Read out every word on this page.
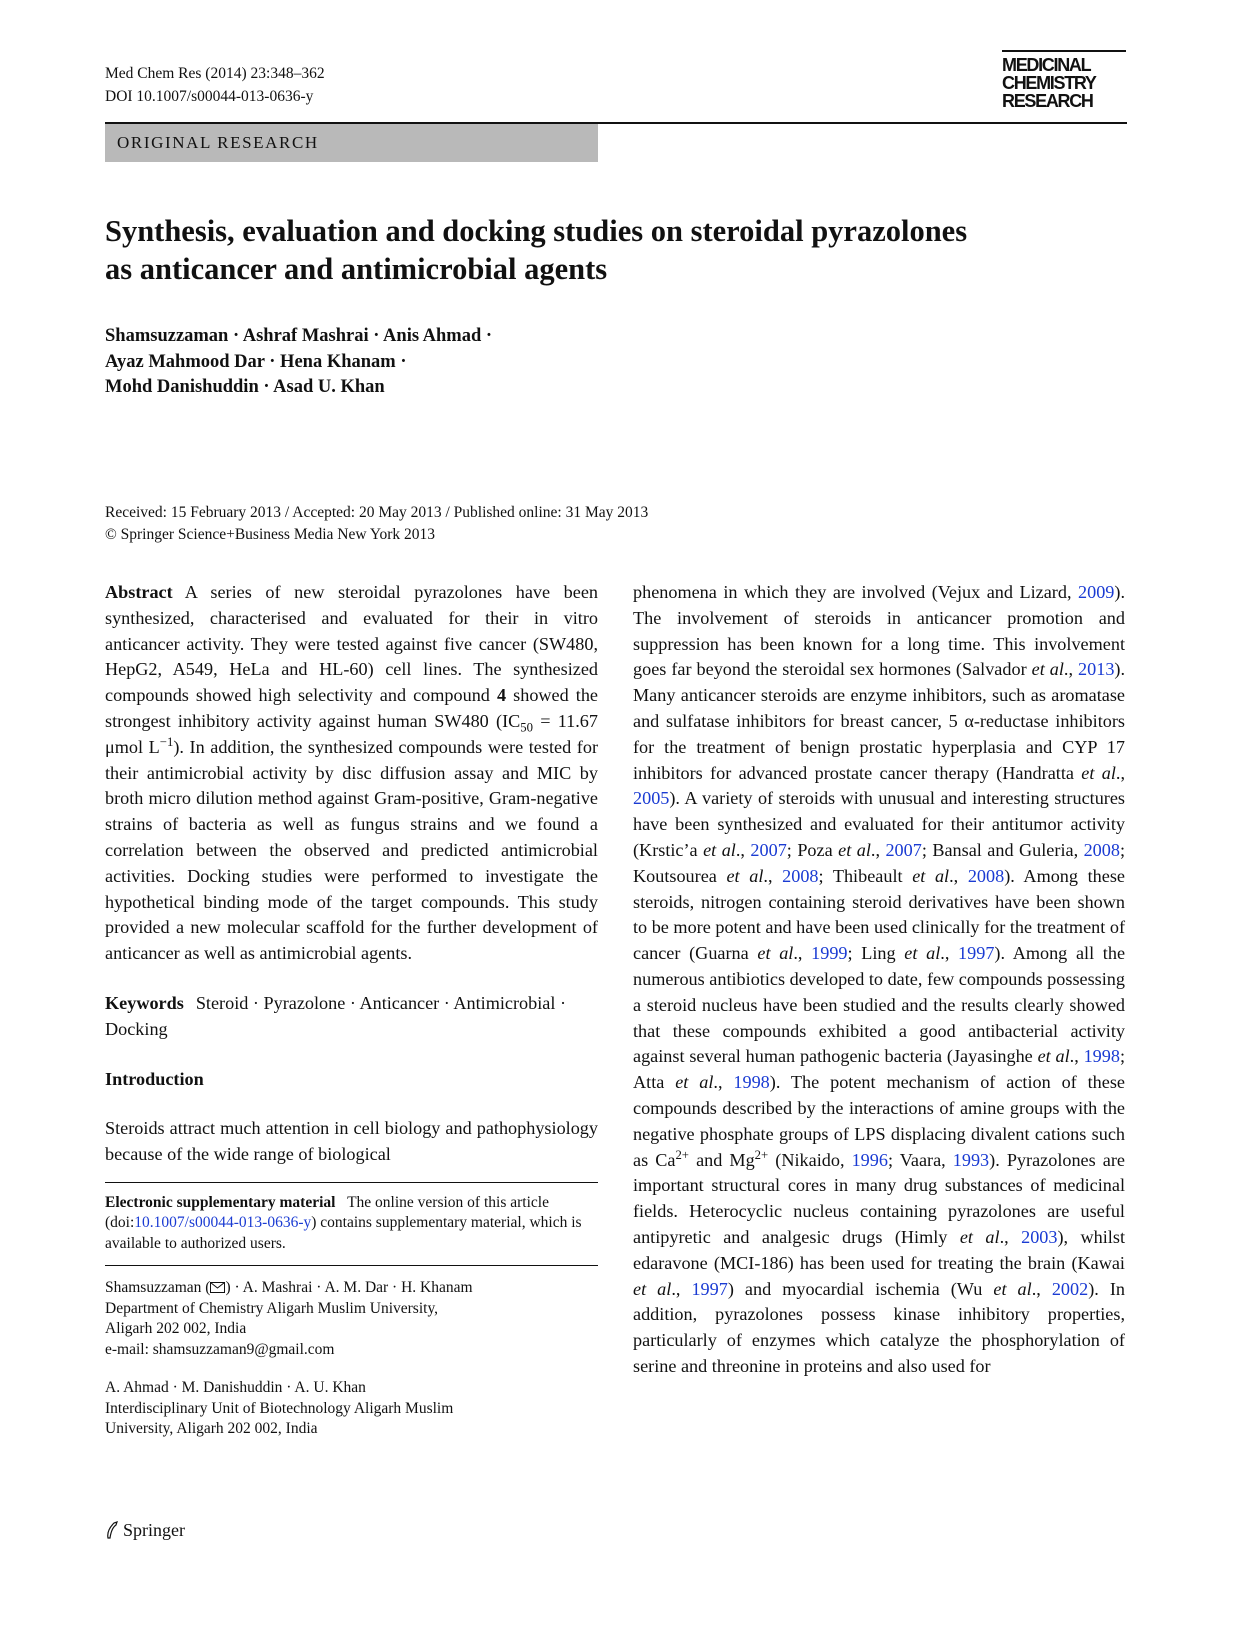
Med Chem Res (2014) 23:348–362
DOI 10.1007/s00044-013-0636-y
MEDICINAL
CHEMISTRY
RESEARCH
ORIGINAL RESEARCH
Synthesis, evaluation and docking studies on steroidal pyrazolones
as anticancer and antimicrobial agents
Shamsuzzaman · Ashraf Mashrai · Anis Ahmad ·
Ayaz Mahmood Dar · Hena Khanam ·
Mohd Danishuddin · Asad U. Khan
Received: 15 February 2013 / Accepted: 20 May 2013 / Published online: 31 May 2013
© Springer Science+Business Media New York 2013

Abstract A series of new steroidal pyrazolones have been synthesized, characterised and evaluated for their in vitro anticancer activity. They were tested against five cancer (SW480, HepG2, A549, HeLa and HL-60) cell lines. The synthesized compounds showed high selectivity and compound 4 showed the strongest inhibitory activity against human SW480 ($IC_{50} = 11.67$ μmol $L^{-1}$). In addition, the synthesized compounds were tested for their antimicrobial activity by disc diffusion assay and MIC by broth micro dilution method against Gram-positive, Gram-negative strains of bacteria as well as fungus strains and we found a correlation between the observed and predicted antimicrobial activities. Docking studies were performed to investigate the hypothetical binding mode of the target compounds. This study provided a new molecular scaffold for the further development of anticancer as well as antimicrobial agents.

Keywords Steroid · Pyrazolone · Anticancer · Antimicrobial · Docking

Introduction

Steroids attract much attention in cell biology and pathophysiology because of the wide range of biological

Electronic supplementary material The online version of this article (doi:10.1007/s00044-013-0636-y) contains supplementary material, which is available to authorized users.
Shamsuzzaman ( ) · A. Mashrai · A. M. Dar · H. Khanam
Department of Chemistry Aligarh Muslim University,
Aligarh 202 002, India
e-mail: shamsuzzaman9@gmail.com
A. Ahmad · M. Danishuddin · A. U. Khan
Interdisciplinary Unit of Biotechnology Aligarh Muslim
University, Aligarh 202 002, India

phenomena in which they are involved (Vejux and Lizard, 2009). The involvement of steroids in anticancer promotion and suppression has been known for a long time. This involvement goes far beyond the steroidal sex hormones (Salvador et al., 2013). Many anticancer steroids are enzyme inhibitors, such as aromatase and sulfatase inhibitors for breast cancer, 5 α-reductase inhibitors for the treatment of benign prostatic hyperplasia and CYP 17 inhibitors for advanced prostate cancer therapy (Handratta et al., 2005). A variety of steroids with unusual and interesting structures have been synthesized and evaluated for their antitumor activity (Krstic’a et al., 2007; Poza et al., 2007; Bansal and Guleria, 2008; Koutsourea et al., 2008; Thibeault et al., 2008). Among these steroids, nitrogen containing steroid derivatives have been shown to be more potent and have been used clinically for the treatment of cancer (Guarna et al., 1999; Ling et al., 1997). Among all the numerous antibiotics developed to date, few compounds possessing a steroid nucleus have been studied and the results clearly showed that these compounds exhibited a good antibacterial activity against several human pathogenic bacteria (Jayasinghe et al., 1998; Atta et al., 1998). The potent mechanism of action of these compounds described by the interactions of amine groups with the negative phosphate groups of LPS displacing divalent cations such as $Ca^{2+}$ and $Mg^{2+}$ (Nikaido, 1996; Vaara, 1993). Pyrazolones are important structural cores in many drug substances of medicinal fields. Heterocyclic nucleus containing pyrazolones are useful antipyretic and analgesic drugs (Himly et al., 2003), whilst edaravone (MCI-186) has been used for treating the brain (Kawai et al., 1997) and myocardial ischemia (Wu et al., 2002). In addition, pyrazolones possess kinase inhibitory properties, particularly of enzymes which catalyze the phosphorylation of serine and threonine in proteins and also used for

Springer
